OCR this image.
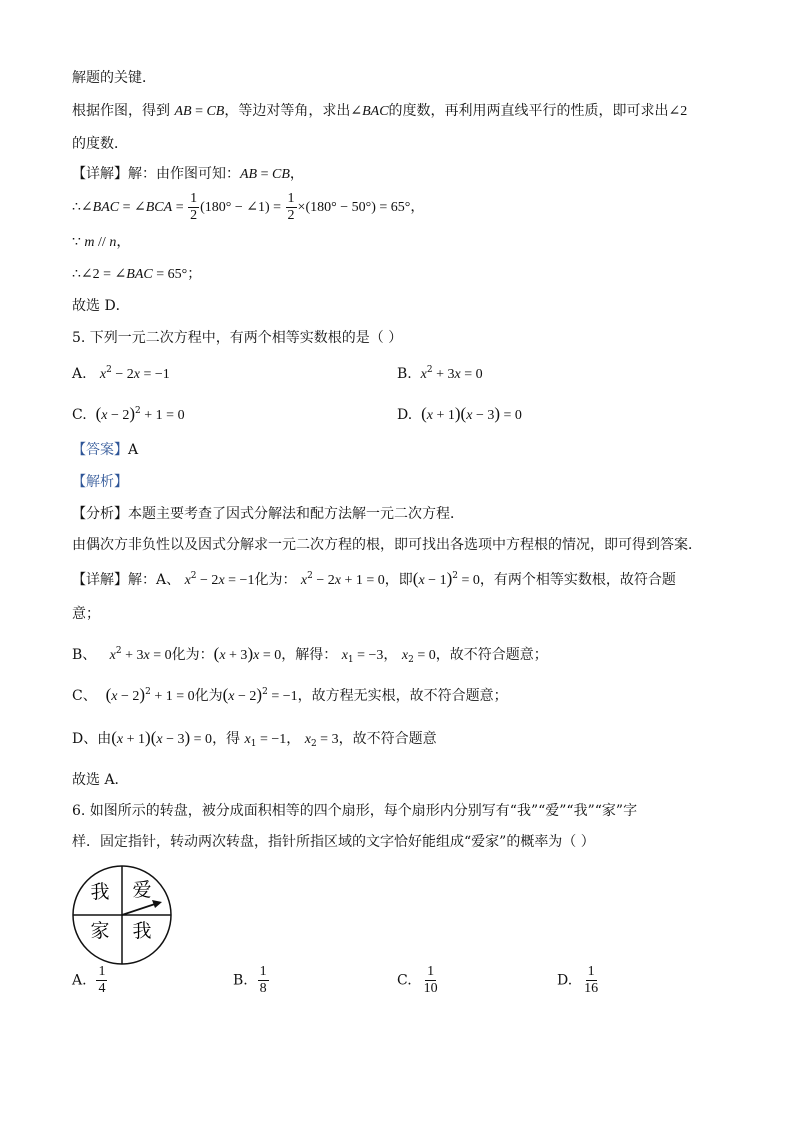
解题的关键．
根据作图，得到 AB = CB，等边对等角，求出∠BAC的度数，再利用两直线平行的性质，即可求出∠2
的度数．
【详解】解：由作图可知：AB = CB，
∴∠BAC = ∠BCA = $\frac{1}{2} (180^\circ$ − ∠1) = $\frac{1}{2} \times(180^\circ - 50^\circ) = 65^\circ$，
∵ m // n，
∴∠2 = ∠BAC = 65°；
故选 D．
5. 下列一元二次方程中，有两个相等实数根的是（ ）
A. $x^2 - 2x = -1$	B. $x^2 + 3x = 0$
C. $(x - 2)^2 + 1 = 0$	D. (x + 1)(x − 3) = 0
【答案】A
【解析】
【分析】本题主要考查了因式分解法和配方法解一元二次方程．
由偶次方非负性以及因式分解求一元二次方程的根，即可找出各选项中方程根的情况，即可得到答案．
【详解】解：A、 $x^2 - 2x = -1$化为： $x^2 - 2x + 1 = 0$，即$(x - 1)^2 = 0$，有两个相等实数根，故符合题
意；
B、 $x^2 + 3x = 0$化为：(x + 3)x = 0，解得： $x_1 = -3$， $x_2 = 0$，故不符合题意；
C、 $(x - 2)^2 + 1 = 0$化为$(x - 2)^2 = -1$，故方程无实根，故不符合题意；
D、由(x + 1)(x − 3) = 0，得 $x_1 = -1$， $x_2 = 3$，故不符合题意
故选 A．
6. 如图所示的转盘，被分成面积相等的四个扇形，每个扇形内分别写有“我”“爱”“我”“家”字
样．固定指针，转动两次转盘，指针所指区域的文字恰好能组成“爱家”的概率为（ ）
我 爱
家 我
A. $\frac{1}{4}$	B. $\frac{1}{8}$	C. $\frac{1}{10}$	D. $\frac{1}{16}$
